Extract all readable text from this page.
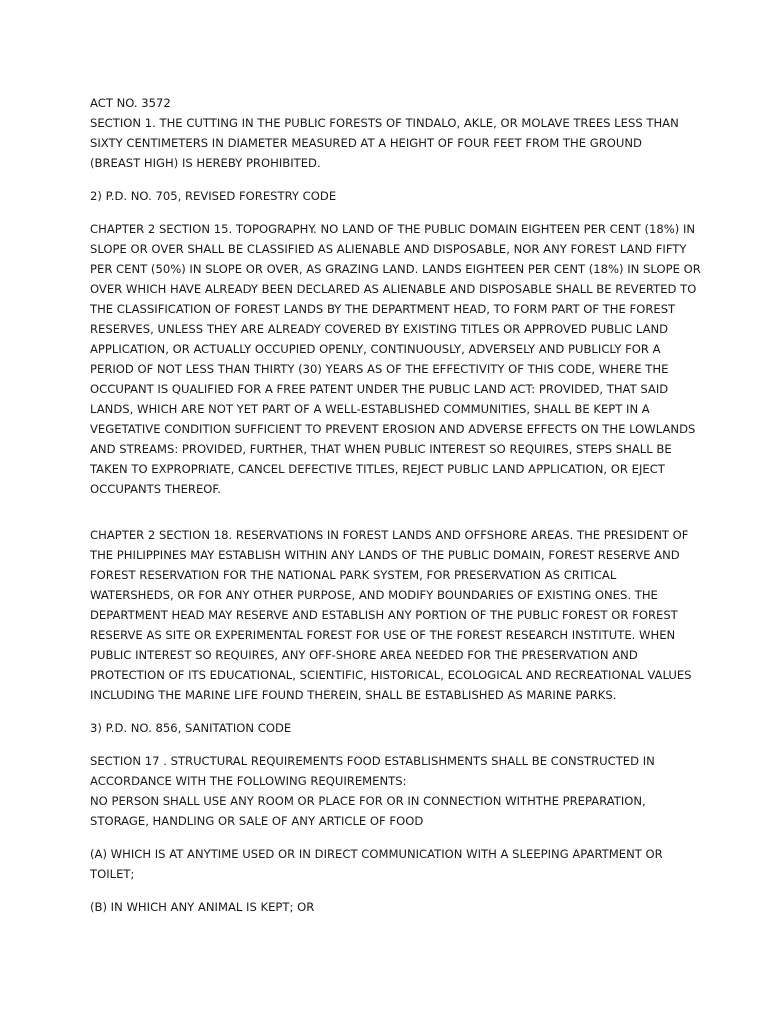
ACT NO. 3572
SECTION 1. THE CUTTING IN THE PUBLIC FORESTS OF TINDALO, AKLE, OR MOLAVE TREES LESS THAN
SIXTY CENTIMETERS IN DIAMETER MEASURED AT A HEIGHT OF FOUR FEET FROM THE GROUND
(BREAST HIGH) IS HEREBY PROHIBITED.

2) P.D. NO. 705, REVISED FORESTRY CODE

CHAPTER 2 SECTION 15. TOPOGRAPHY. NO LAND OF THE PUBLIC DOMAIN EIGHTEEN PER CENT (18%) IN
SLOPE OR OVER SHALL BE CLASSIFIED AS ALIENABLE AND DISPOSABLE, NOR ANY FOREST LAND FIFTY
PER CENT (50%) IN SLOPE OR OVER, AS GRAZING LAND. LANDS EIGHTEEN PER CENT (18%) IN SLOPE OR
OVER WHICH HAVE ALREADY BEEN DECLARED AS ALIENABLE AND DISPOSABLE SHALL BE REVERTED TO
THE CLASSIFICATION OF FOREST LANDS BY THE DEPARTMENT HEAD, TO FORM PART OF THE FOREST
RESERVES, UNLESS THEY ARE ALREADY COVERED BY EXISTING TITLES OR APPROVED PUBLIC LAND
APPLICATION, OR ACTUALLY OCCUPIED OPENLY, CONTINUOUSLY, ADVERSELY AND PUBLICLY FOR A
PERIOD OF NOT LESS THAN THIRTY (30) YEARS AS OF THE EFFECTIVITY OF THIS CODE, WHERE THE
OCCUPANT IS QUALIFIED FOR A FREE PATENT UNDER THE PUBLIC LAND ACT: PROVIDED, THAT SAID
LANDS, WHICH ARE NOT YET PART OF A WELL-ESTABLISHED COMMUNITIES, SHALL BE KEPT IN A
VEGETATIVE CONDITION SUFFICIENT TO PREVENT EROSION AND ADVERSE EFFECTS ON THE LOWLANDS
AND STREAMS: PROVIDED, FURTHER, THAT WHEN PUBLIC INTEREST SO REQUIRES, STEPS SHALL BE
TAKEN TO EXPROPRIATE, CANCEL DEFECTIVE TITLES, REJECT PUBLIC LAND APPLICATION, OR EJECT
OCCUPANTS THEREOF.

CHAPTER 2 SECTION 18. RESERVATIONS IN FOREST LANDS AND OFFSHORE AREAS. THE PRESIDENT OF
THE PHILIPPINES MAY ESTABLISH WITHIN ANY LANDS OF THE PUBLIC DOMAIN, FOREST RESERVE AND
FOREST RESERVATION FOR THE NATIONAL PARK SYSTEM, FOR PRESERVATION AS CRITICAL
WATERSHEDS, OR FOR ANY OTHER PURPOSE, AND MODIFY BOUNDARIES OF EXISTING ONES. THE
DEPARTMENT HEAD MAY RESERVE AND ESTABLISH ANY PORTION OF THE PUBLIC FOREST OR FOREST
RESERVE AS SITE OR EXPERIMENTAL FOREST FOR USE OF THE FOREST RESEARCH INSTITUTE. WHEN
PUBLIC INTEREST SO REQUIRES, ANY OFF-SHORE AREA NEEDED FOR THE PRESERVATION AND
PROTECTION OF ITS EDUCATIONAL, SCIENTIFIC, HISTORICAL, ECOLOGICAL AND RECREATIONAL VALUES
INCLUDING THE MARINE LIFE FOUND THEREIN, SHALL BE ESTABLISHED AS MARINE PARKS.

3) P.D. NO. 856, SANITATION CODE

SECTION 17 . STRUCTURAL REQUIREMENTS FOOD ESTABLISHMENTS SHALL BE CONSTRUCTED IN
ACCORDANCE WITH THE FOLLOWING REQUIREMENTS:
NO PERSON SHALL USE ANY ROOM OR PLACE FOR OR IN CONNECTION WITHTHE PREPARATION,
STORAGE, HANDLING OR SALE OF ANY ARTICLE OF FOOD

(A) WHICH IS AT ANYTIME USED OR IN DIRECT COMMUNICATION WITH A SLEEPING APARTMENT OR
TOILET;

(B) IN WHICH ANY ANIMAL IS KEPT; OR
